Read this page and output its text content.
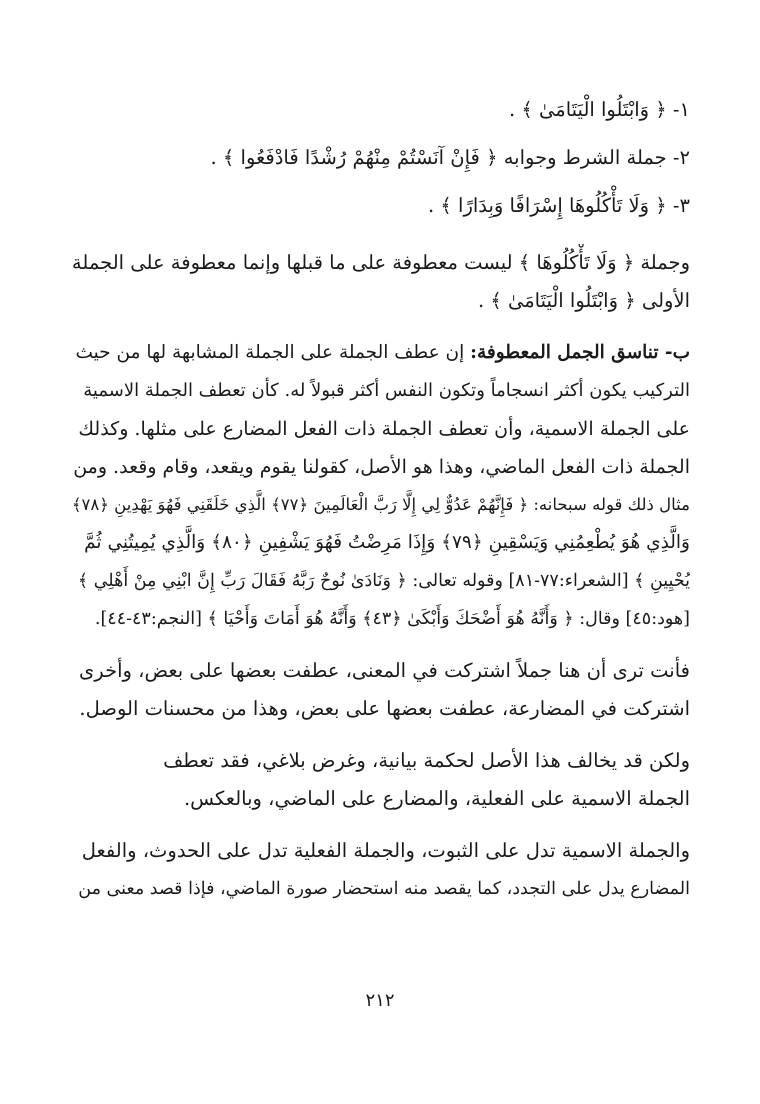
١- ﴿ وَابْتَلُوا الْيَتَامَىٰ ﴾ .
٢- جملة الشرط وجوابه ﴿ فَإِنْ آنَسْتُمْ مِنْهُمْ رُشْدًا فَادْفَعُوا ﴾ .
٣- ﴿ وَلَا تَأْكُلُوهَا إِسْرَافًا وَبِدَارًا ﴾ .
وجملة ﴿ وَلَا تَأْكُلُوهَا ﴾ ليست معطوفة على ما قبلها وإنما معطوفة على الجملة
الأولى ﴿ وَابْتَلُوا الْيَتَامَىٰ ﴾ .
ب- تناسق الجمل المعطوفة: إن عطف الجملة على الجملة المشابهة لها من حيث
التركيب يكون أكثر انسجاماً وتكون النفس أكثر قبولاً له. كأن تعطف الجملة الاسمية
على الجملة الاسمية، وأن تعطف الجملة ذات الفعل المضارع على مثلها. وكذلك
الجملة ذات الفعل الماضي، وهذا هو الأصل، كقولنا يقوم ويقعد، وقام وقعد. ومن
مثال ذلك قوله سبحانه: ﴿ فَإِنَّهُمْ عَدُوٌّ لِي إِلَّا رَبَّ الْعَالَمِينَ ﴿٧٧﴾ الَّذِي خَلَقَنِي فَهُوَ يَهْدِينِ ﴿٧٨﴾
وَالَّذِي هُوَ يُطْعِمُنِي وَيَسْقِينِ ﴿٧٩﴾ وَإِذَا مَرِضْتُ فَهُوَ يَشْفِينِ ﴿٨٠﴾ وَالَّذِي يُمِيتُنِي ثُمَّ
يُحْيِينِ ﴾ [الشعراء:٧٧-٨١] وقوله تعالى: ﴿ وَنَادَىٰ نُوحٌ رَبَّهُ فَقَالَ رَبِّ إِنَّ ابْنِي مِنْ أَهْلِي ﴾
[هود:٤٥] وقال: ﴿ وَأَنَّهُ هُوَ أَضْحَكَ وَأَبْكَىٰ ﴿٤٣﴾ وَأَنَّهُ هُوَ أَمَاتَ وَأَحْيَا ﴾ [النجم:٤٣-٤٤].
فأنت ترى أن هنا جملاً اشتركت في المعنى، عطفت بعضها على بعض، وأخرى
اشتركت في المضارعة، عطفت بعضها على بعض، وهذا من محسنات الوصل.
ولكن قد يخالف هذا الأصل لحكمة بيانية، وغرض بلاغي، فقد تعطف
الجملة الاسمية على الفعلية، والمضارع على الماضي، وبالعكس.
والجملة الاسمية تدل على الثبوت، والجملة الفعلية تدل على الحدوث، والفعل
المضارع يدل على التجدد، كما يقصد منه استحضار صورة الماضي، فإذا قصد معنى من
٢١٢
